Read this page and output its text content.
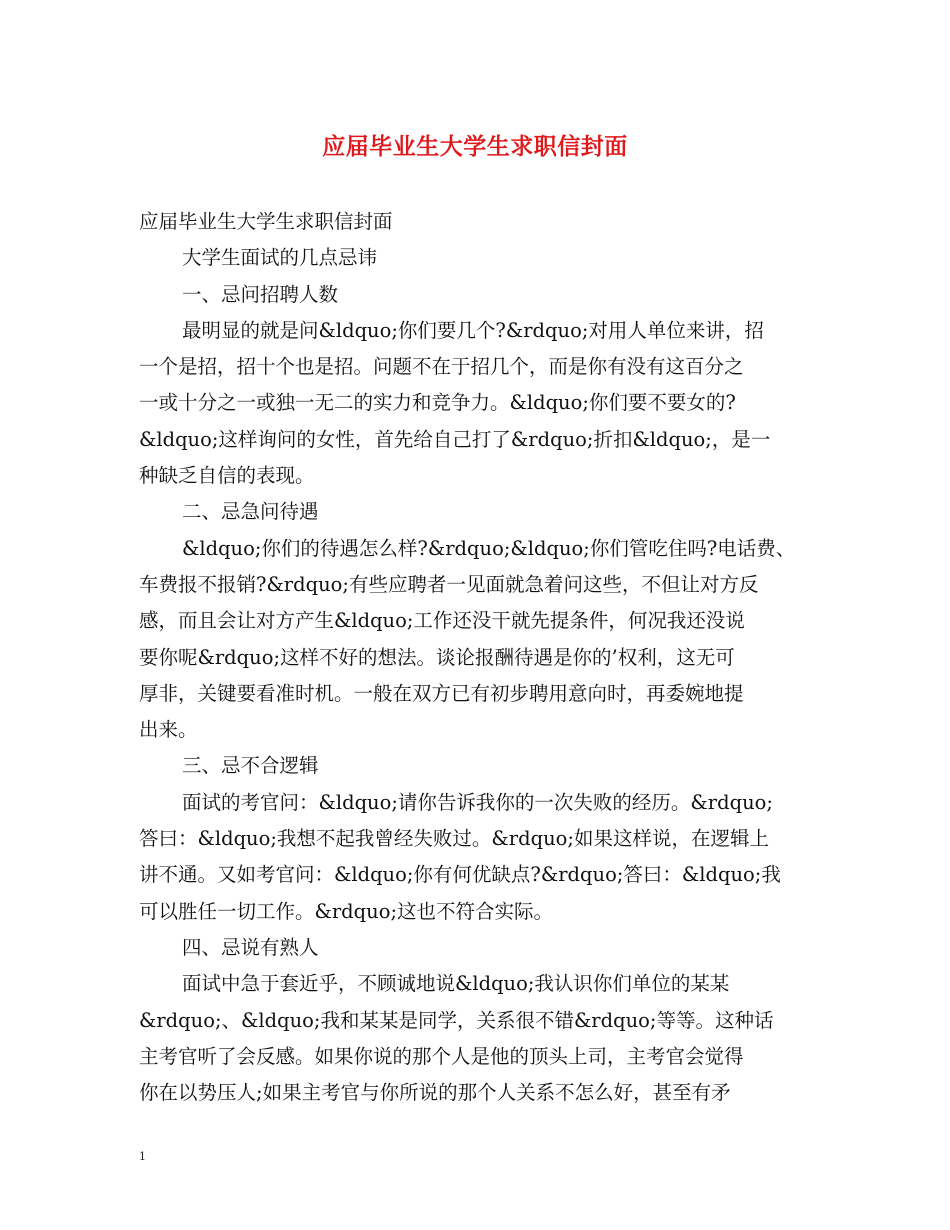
应届毕业生大学生求职信封面
应届毕业生大学生求职信封面
大学生面试的几点忌讳
一、忌问招聘人数
最明显的就是问&ldquo;你们要几个?&rdquo;对用人单位来讲，招
一个是招，招十个也是招。问题不在于招几个，而是你有没有这百分之
一或十分之一或独一无二的实力和竞争力。&ldquo;你们要不要女的?
&ldquo;这样询问的女性，首先给自己打了&rdquo;折扣&ldquo;，是一
种缺乏自信的表现。
二、忌急问待遇
&ldquo;你们的待遇怎么样?&rdquo;&ldquo;你们管吃住吗?电话费、
车费报不报销?&rdquo;有些应聘者一见面就急着问这些，不但让对方反
感，而且会让对方产生&ldquo;工作还没干就先提条件，何况我还没说
要你呢&rdquo;这样不好的想法。谈论报酬待遇是你的’权利，这无可
厚非，关键要看准时机。一般在双方已有初步聘用意向时，再委婉地提
出来。
三、忌不合逻辑
面试的考官问：&ldquo;请你告诉我你的一次失败的经历。&rdquo;
答曰：&ldquo;我想不起我曾经失败过。&rdquo;如果这样说，在逻辑上
讲不通。又如考官问：&ldquo;你有何优缺点?&rdquo;答曰：&ldquo;我
可以胜任一切工作。&rdquo;这也不符合实际。
四、忌说有熟人
面试中急于套近乎，不顾诚地说&ldquo;我认识你们单位的某某
&rdquo;、&ldquo;我和某某是同学，关系很不错&rdquo;等等。这种话
主考官听了会反感。如果你说的那个人是他的顶头上司，主考官会觉得
你在以势压人;如果主考官与你所说的那个人关系不怎么好，甚至有矛
1
